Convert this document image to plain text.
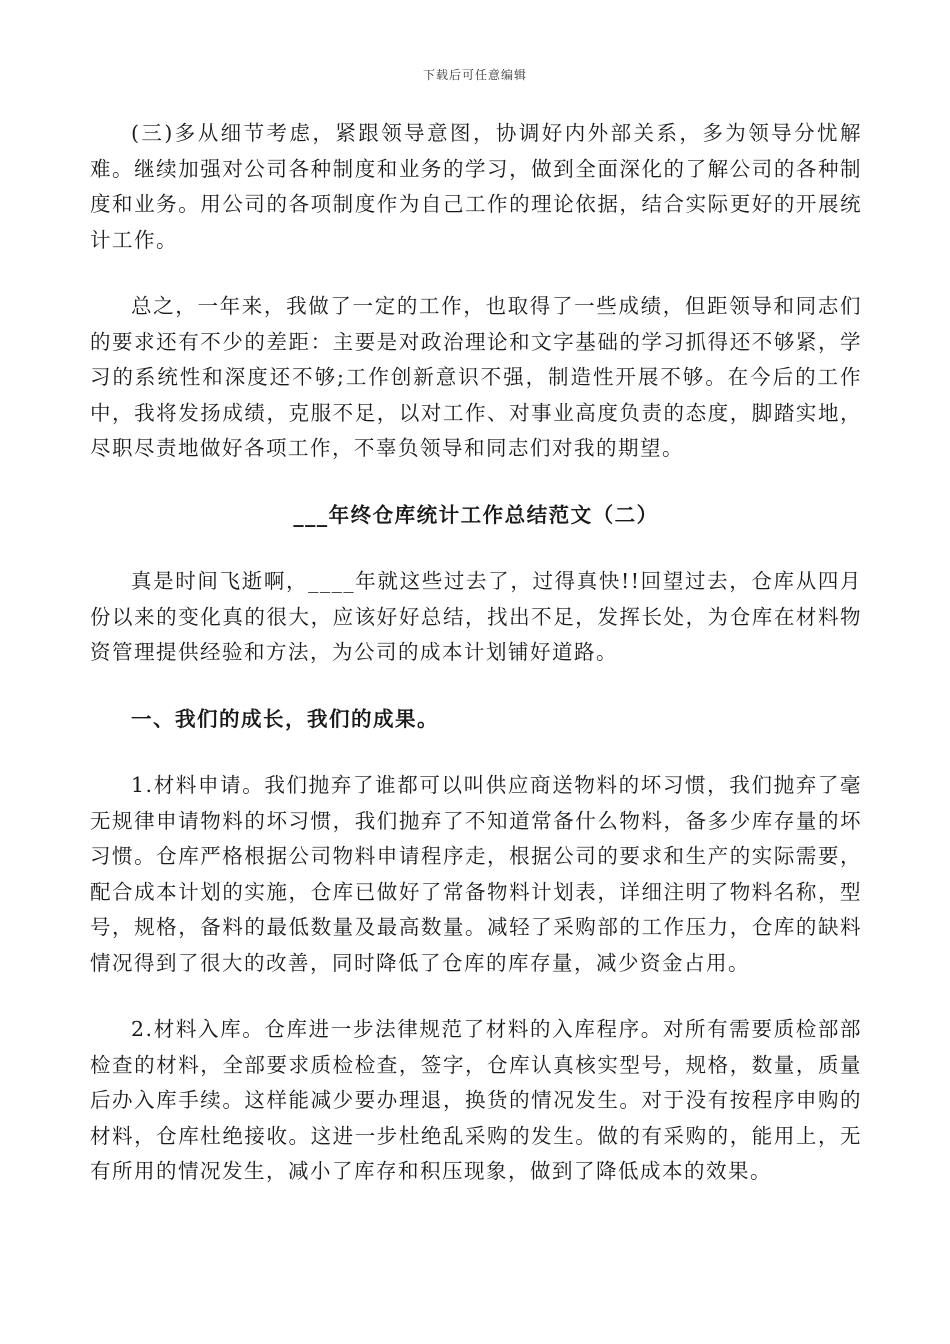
下载后可任意编辑

(三)多从细节考虑，紧跟领导意图，协调好内外部关系，多为领导分忧解难。继续加强对公司各种制度和业务的学习，做到全面深化的了解公司的各种制度和业务。用公司的各项制度作为自己工作的理论依据，结合实际更好的开展统计工作。

总之，一年来，我做了一定的工作，也取得了一些成绩，但距领导和同志们的要求还有不少的差距：主要是对政治理论和文字基础的学习抓得还不够紧，学习的系统性和深度还不够;工作创新意识不强，制造性开展不够。在今后的工作中，我将发扬成绩，克服不足，以对工作、对事业高度负责的态度，脚踏实地，尽职尽责地做好各项工作，不辜负领导和同志们对我的期望。

___年终仓库统计工作总结范文（二）

真是时间飞逝啊，____年就这些过去了，过得真快!!回望过去，仓库从四月份以来的变化真的很大，应该好好总结，找出不足，发挥长处，为仓库在材料物资管理提供经验和方法，为公司的成本计划铺好道路。

一、我们的成长，我们的成果。

1.材料申请。我们抛弃了谁都可以叫供应商送物料的坏习惯，我们抛弃了毫无规律申请物料的坏习惯，我们抛弃了不知道常备什么物料，备多少库存量的坏习惯。仓库严格根据公司物料申请程序走，根据公司的要求和生产的实际需要，配合成本计划的实施，仓库已做好了常备物料计划表，详细注明了物料名称，型号，规格，备料的最低数量及最高数量。减轻了采购部的工作压力，仓库的缺料情况得到了很大的改善，同时降低了仓库的库存量，减少资金占用。

2.材料入库。仓库进一步法律规范了材料的入库程序。对所有需要质检部部检查的材料，全部要求质检检查，签字，仓库认真核实型号，规格，数量，质量后办入库手续。这样能减少要办理退，换货的情况发生。对于没有按程序申购的材料，仓库杜绝接收。这进一步杜绝乱采购的发生。做的有采购的，能用上，无有所用的情况发生，减小了库存和积压现象，做到了降低成本的效果。
